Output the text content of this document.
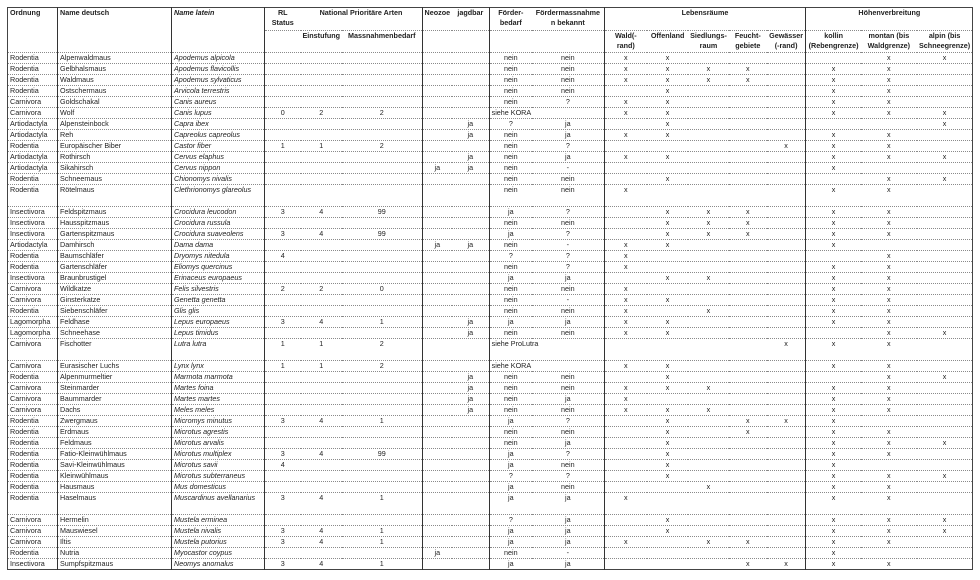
Ordnung	Name deutsch	Name latein	RL Status	National Prioritäre Arten		Neozoe	jagdbar	Förder-bedarf	Fördermassnahme n bekannt	Lebensräume					Höhenverbreitung		
				Einstufung	Massnahmenbedarf					Wald(-rand)	Offenland	Siedlungs-raum	Feucht-gebiete	Gewässer (-rand)	kollin (Rebengrenze)	montan (bis Waldgrenze)	alpin (bis Schneegrenze)
Rodentia	Alpenwaldmaus	Apodemus alpicola						nein	nein	x	x					x	x
Rodentia	Gelbhalsmaus	Apodemus flavicollis						nein	nein	x	x	x	x		x	x	
Rodentia	Waldmaus	Apodemus sylvaticus						nein	nein	x	x	x	x		x	x	
Rodentia	Ostschermaus	Arvicola terrestris						nein	nein		x				x	x	
Carnivora	Goldschakal	Canis aureus						nein	?	x	x				x	x	
Carnivora	Wolf	Canis lupus	0	2	2			siehe KORA		x	x				x	x	x
Artiodactyla	Alpensteinbock	Capra ibex					ja	?	ja		x						x
Artiodactyla	Reh	Capreolus capreolus					ja	nein	ja	x	x				x	x	
Rodentia	Europäischer Biber	Castor fiber	1	1	2			nein	?					x	x	x	
Artiodactyla	Rothirsch	Cervus elaphus					ja	nein	ja	x	x				x	x	x
Artiodactyla	Sikahirsch	Cervus nippon				ja	ja	nein	-						x		
Rodentia	Schneemaus	Chionomys nivalis						nein	nein		x					x	x
Rodentia	Rötelmaus	Clethrionomys glareolus						nein	nein	x					x	x	
Insectivora	Feldspitzmaus	Crocidura leucodon	3	4	99			ja	?		x	x	x		x	x	
Insectivora	Hausspitzmaus	Crocidura russula						nein	nein		x	x	x		x	x	
Insectivora	Gartenspitzmaus	Crocidura suaveolens	3	4	99			ja	?		x	x	x		x	x	
Artiodactyla	Damhirsch	Dama dama				ja	ja	nein	-	x	x				x		
Rodentia	Baumschläfer	Dryomys nitedula	4					?	?	x						x	
Rodentia	Gartenschläfer	Eliomys quercinus						nein	?	x					x	x	
Insectivora	Braunbrustigel	Erinaceus europaeus						ja	ja		x	x			x	x	
Carnivora	Wildkatze	Felis silvestris	2	2	0			nein	nein	x					x	x	
Carnivora	Ginsterkatze	Genetta genetta						nein	-	x	x				x	x	
Rodentia	Siebenschläfer	Glis glis						nein	nein	x		x			x	x	
Lagomorpha	Feldhase	Lepus europaeus	3	4	1		ja	ja	ja	x	x				x	x	
Lagomorpha	Schneehase	Lepus timidus					ja	nein	nein	x	x					x	x
Carnivora	Fischotter	Lutra lutra	1	1	2			siehe ProLutra						x	x	x	
Carnivora	Eurasischer Luchs	Lynx lynx	1	1	2			siehe KORA		x	x				x	x	
Rodentia	Alpenmurmeltier	Marmota marmota					ja	nein	nein		x					x	x
Carnivora	Steinmarder	Martes foina					ja	nein	nein	x	x	x			x	x	
Carnivora	Baummarder	Martes martes					ja	nein	ja	x					x	x	
Carnivora	Dachs	Meles meles					ja	nein	nein	x	x	x			x	x	
Rodentia	Zwergmaus	Micromys minutus	3	4	1			ja	?		x		x	x	x		
Rodentia	Erdmaus	Microtus agrestis						nein	nein		x		x		x	x	
Rodentia	Feldmaus	Microtus arvalis						nein	ja		x				x	x	x
Rodentia	Fatio-Kleinwühlmaus	Microtus multiplex	3	4	99			ja	?		x				x	x	
Rodentia	Savi-Kleinwühlmaus	Microtus savii	4					ja	nein		x				x		
Rodentia	Kleinwühlmaus	Microtus subterraneus						?	?		x				x	x	x
Rodentia	Hausmaus	Mus domesticus						ja	nein			x			x	x	
Rodentia	Haselmaus	Muscardinus avellanarius	3	4	1			ja	ja	x					x	x	
Carnivora	Hermelin	Mustela erminea						?	ja		x				x	x	x
Carnivora	Mauswiesel	Mustela nivalis	3	4	1			ja	ja		x				x	x	x
Carnivora	Iltis	Mustela putorius	3	4	1			ja	ja	x		x	x		x	x	
Rodentia	Nutria	Myocastor coypus				ja		nein	-						x		
Insectivora	Sumpfspitzmaus	Neomys anomalus	3	4	1			ja	ja				x	x	x	x	
